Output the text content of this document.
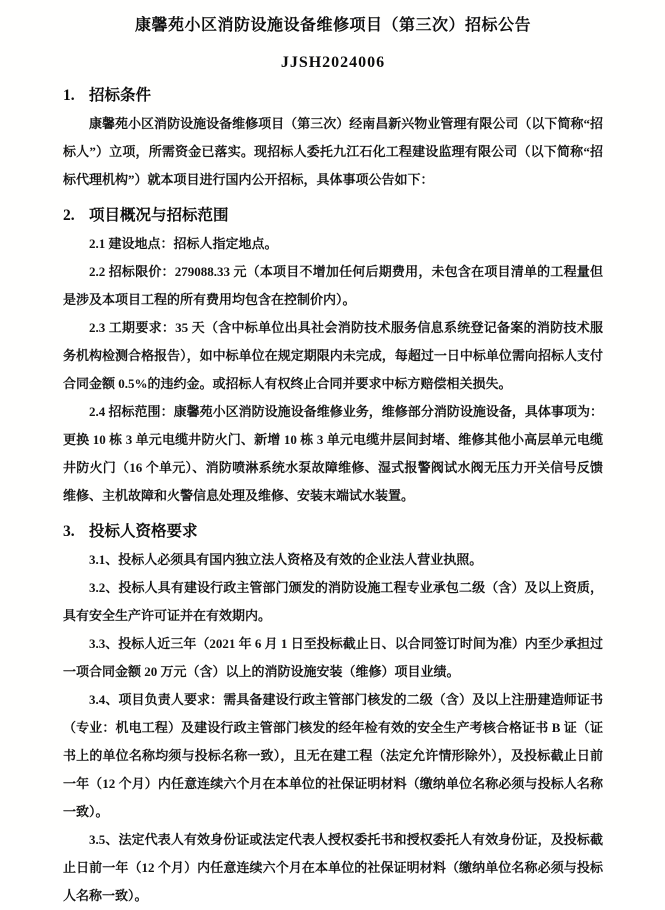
康馨苑小区消防设施设备维修项目（第三次）招标公告

JJSH2024006

1. 招标条件

康馨苑小区消防设施设备维修项目（第三次）经南昌新兴物业管理有限公司（以下简称“招标人”）立项，所需资金已落实。现招标人委托九江石化工程建设监理有限公司（以下简称“招标代理机构”）就本项目进行国内公开招标，具体事项公告如下：

2. 项目概况与招标范围

2.1 建设地点：招标人指定地点。

2.2 招标限价：279088.33 元（本项目不增加任何后期费用，未包含在项目清单的工程量但是涉及本项目工程的所有费用均包含在控制价内）。

2.3 工期要求：35 天（含中标单位出具社会消防技术服务信息系统登记备案的消防技术服务机构检测合格报告），如中标单位在规定期限内未完成，每超过一日中标单位需向招标人支付合同金额 0.5%的违约金。或招标人有权终止合同并要求中标方赔偿相关损失。

2.4 招标范围：康馨苑小区消防设施设备维修业务，维修部分消防设施设备，具体事项为：更换 10 栋 3 单元电缆井防火门、新增 10 栋 3 单元电缆井层间封堵、维修其他小高层单元电缆井防火门（16 个单元）、消防喷淋系统水泵故障维修、湿式报警阀试水阀无压力开关信号反馈维修、主机故障和火警信息处理及维修、安装末端试水装置。

3. 投标人资格要求

3.1、投标人必须具有国内独立法人资格及有效的企业法人营业执照。

3.2、投标人具有建设行政主管部门颁发的消防设施工程专业承包二级（含）及以上资质，具有安全生产许可证并在有效期内。

3.3、投标人近三年（2021 年 6 月 1 日至投标截止日、以合同签订时间为准）内至少承担过一项合同金额 20 万元（含）以上的消防设施安装（维修）项目业绩。

3.4、项目负责人要求：需具备建设行政主管部门核发的二级（含）及以上注册建造师证书（专业：机电工程）及建设行政主管部门核发的经年检有效的安全生产考核合格证书 B 证（证书上的单位名称均须与投标名称一致），且无在建工程（法定允许情形除外），及投标截止日前一年（12 个月）内任意连续六个月在本单位的社保证明材料（缴纳单位名称必须与投标人名称一致）。

3.5、法定代表人有效身份证或法定代表人授权委托书和授权委托人有效身份证，及投标截止日前一年（12 个月）内任意连续六个月在本单位的社保证明材料（缴纳单位名称必须与投标人名称一致）。
